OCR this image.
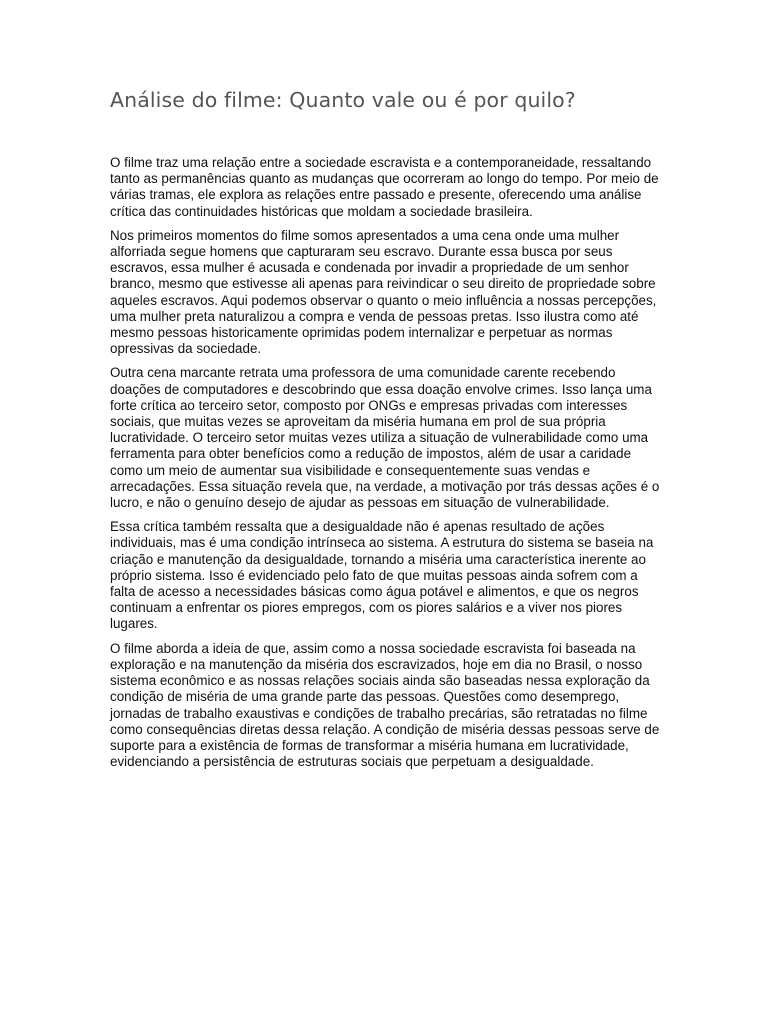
Análise do filme: Quanto vale ou é por quilo?

O filme traz uma relação entre a sociedade escravista e a contemporaneidade, ressaltando tanto as permanências quanto as mudanças que ocorreram ao longo do tempo. Por meio de várias tramas, ele explora as relações entre passado e presente, oferecendo uma análise crítica das continuidades históricas que moldam a sociedade brasileira.

Nos primeiros momentos do filme somos apresentados a uma cena onde uma mulher alforriada segue homens que capturaram seu escravo. Durante essa busca por seus escravos, essa mulher é acusada e condenada por invadir a propriedade de um senhor branco, mesmo que estivesse ali apenas para reivindicar o seu direito de propriedade sobre aqueles escravos. Aqui podemos observar o quanto o meio influência a nossas percepções, uma mulher preta naturalizou a compra e venda de pessoas pretas. Isso ilustra como até mesmo pessoas historicamente oprimidas podem internalizar e perpetuar as normas opressivas da sociedade.

Outra cena marcante retrata uma professora de uma comunidade carente recebendo doações de computadores e descobrindo que essa doação envolve crimes. Isso lança uma forte crítica ao terceiro setor, composto por ONGs e empresas privadas com interesses sociais, que muitas vezes se aproveitam da miséria humana em prol de sua própria lucratividade. O terceiro setor muitas vezes utiliza a situação de vulnerabilidade como uma ferramenta para obter benefícios como a redução de impostos, além de usar a caridade como um meio de aumentar sua visibilidade e consequentemente suas vendas e arrecadações. Essa situação revela que, na verdade, a motivação por trás dessas ações é o lucro, e não o genuíno desejo de ajudar as pessoas em situação de vulnerabilidade.

Essa crítica também ressalta que a desigualdade não é apenas resultado de ações individuais, mas é uma condição intrínseca ao sistema. A estrutura do sistema se baseia na criação e manutenção da desigualdade, tornando a miséria uma característica inerente ao próprio sistema. Isso é evidenciado pelo fato de que muitas pessoas ainda sofrem com a falta de acesso a necessidades básicas como água potável e alimentos, e que os negros continuam a enfrentar os piores empregos, com os piores salários e a viver nos piores lugares.

O filme aborda a ideia de que, assim como a nossa sociedade escravista foi baseada na exploração e na manutenção da miséria dos escravizados, hoje em dia no Brasil, o nosso sistema econômico e as nossas relações sociais ainda são baseadas nessa exploração da condição de miséria de uma grande parte das pessoas. Questões como desemprego, jornadas de trabalho exaustivas e condições de trabalho precárias, são retratadas no filme como consequências diretas dessa relação. A condição de miséria dessas pessoas serve de suporte para a existência de formas de transformar a miséria humana em lucratividade, evidenciando a persistência de estruturas sociais que perpetuam a desigualdade.
